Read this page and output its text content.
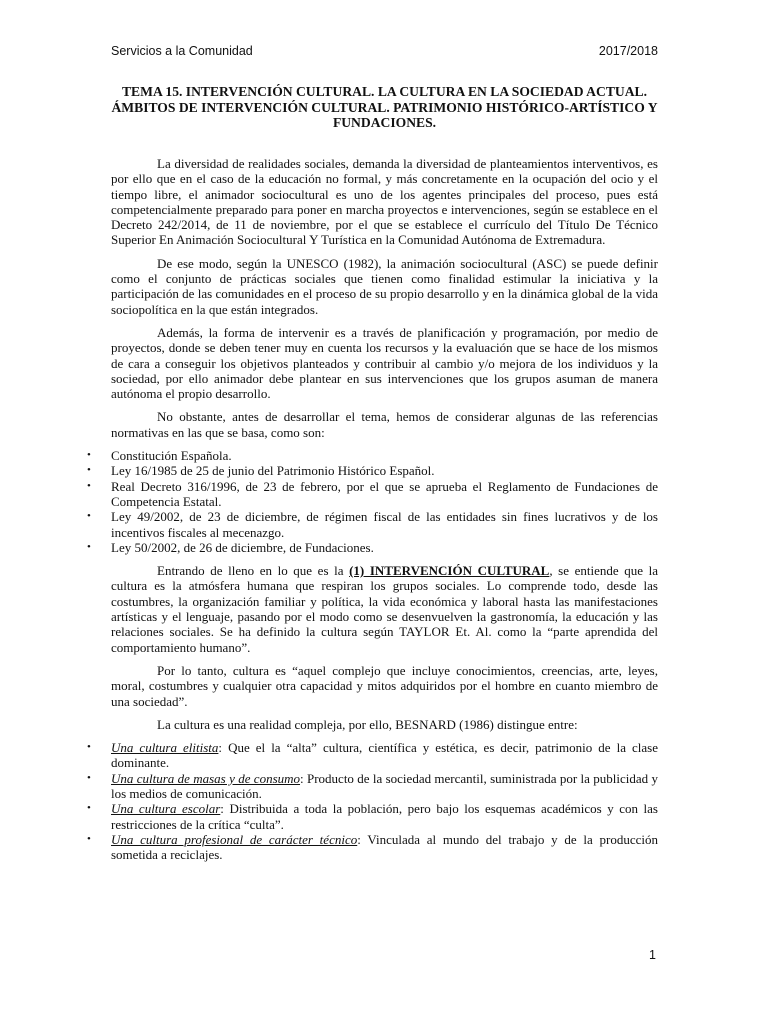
Servicios a la Comunidad	2017/2018
TEMA 15. INTERVENCIÓN CULTURAL. LA CULTURA EN LA SOCIEDAD ACTUAL. ÁMBITOS DE INTERVENCIÓN CULTURAL. PATRIMONIO HISTÓRICO-ARTÍSTICO Y FUNDACIONES.

La diversidad de realidades sociales, demanda la diversidad de planteamientos interventivos, es por ello que en el caso de la educación no formal, y más concretamente en la ocupación del ocio y el tiempo libre, el animador sociocultural es uno de los agentes principales del proceso, pues está competencialmente preparado para poner en marcha proyectos e intervenciones, según se establece en el Decreto 242/2014, de 11 de noviembre, por el que se establece el currículo del Título De Técnico Superior En Animación Sociocultural Y Turística en la Comunidad Autónoma de Extremadura.

De ese modo, según la UNESCO (1982), la animación sociocultural (ASC) se puede definir como el conjunto de prácticas sociales que tienen como finalidad estimular la iniciativa y la participación de las comunidades en el proceso de su propio desarrollo y en la dinámica global de la vida sociopolítica en la que están integrados.

Además, la forma de intervenir es a través de planificación y programación, por medio de proyectos, donde se deben tener muy en cuenta los recursos y la evaluación que se hace de los mismos de cara a conseguir los objetivos planteados y contribuir al cambio y/o mejora de los individuos y la sociedad, por ello animador debe plantear en sus intervenciones que los grupos asuman de manera autónoma el propio desarrollo.

No obstante, antes de desarrollar el tema, hemos de considerar algunas de las referencias normativas en las que se basa, como son:

• Constitución Española.
• Ley 16/1985 de 25 de junio del Patrimonio Histórico Español.
• Real Decreto 316/1996, de 23 de febrero, por el que se aprueba el Reglamento de Fundaciones de Competencia Estatal.
• Ley 49/2002, de 23 de diciembre, de régimen fiscal de las entidades sin fines lucrativos y de los incentivos fiscales al mecenazgo.
• Ley 50/2002, de 26 de diciembre, de Fundaciones.

Entrando de lleno en lo que es la (1) INTERVENCIÓN CULTURAL, se entiende que la cultura es la atmósfera humana que respiran los grupos sociales. Lo comprende todo, desde las costumbres, la organización familiar y política, la vida económica y laboral hasta las manifestaciones artísticas y el lenguaje, pasando por el modo como se desenvuelven la gastronomía, la educación y las relaciones sociales. Se ha definido la cultura según TAYLOR Et. Al. como la “parte aprendida del comportamiento humano”.

Por lo tanto, cultura es “aquel complejo que incluye conocimientos, creencias, arte, leyes, moral, costumbres y cualquier otra capacidad y mitos adquiridos por el hombre en cuanto miembro de una sociedad”.

La cultura es una realidad compleja, por ello, BESNARD (1986) distingue entre:

• Una cultura elitista: Que el la “alta” cultura, científica y estética, es decir, patrimonio de la clase dominante.
• Una cultura de masas y de consumo: Producto de la sociedad mercantil, suministrada por la publicidad y los medios de comunicación.
• Una cultura escolar: Distribuida a toda la población, pero bajo los esquemas académicos y con las restricciones de la crítica “culta”.
• Una cultura profesional de carácter técnico: Vinculada al mundo del trabajo y de la producción sometida a reciclajes.
1
